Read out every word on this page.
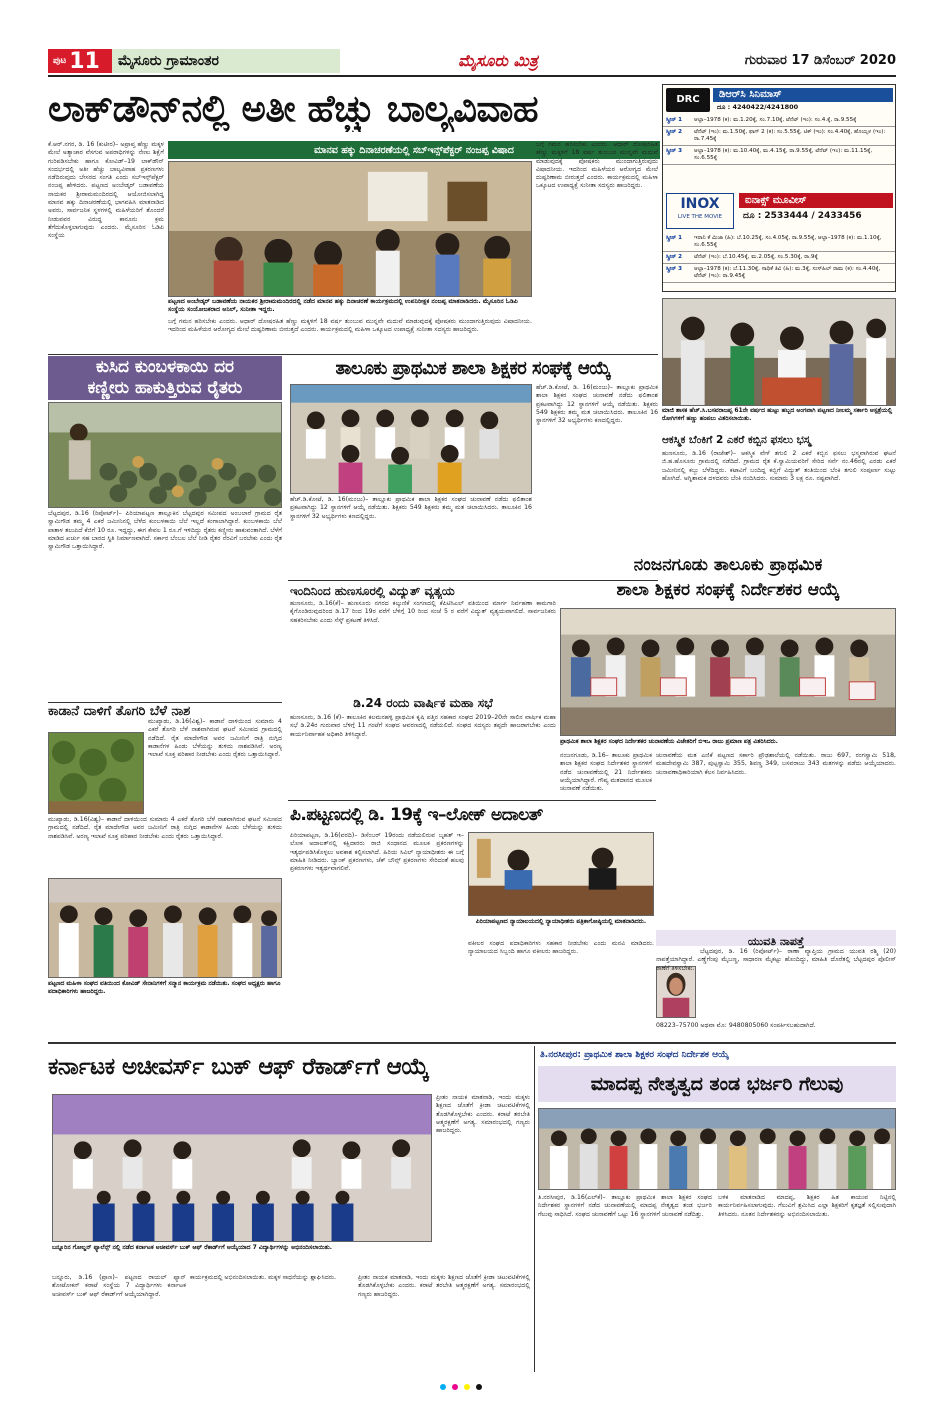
ಪುಟ 11 ಮೈಸೂರು ಗ್ರಾಮಾಂತರ	ಮೈಸೂರು ಮಿತ್ರ	ಗುರುವಾರ 17 ಡಿಸೆಂಬರ್ 2020
ಲಾಕ್‌ಡೌನ್‌ನಲ್ಲಿ ಅತೀ ಹೆಚ್ಚು ಬಾಲ್ಯವಿವಾಹ
ಮಾನವ ಹಕ್ಕು ದಿನಾಚರಣೆಯಲ್ಲಿ ಸಬ್‌ಇನ್ಸ್‌ಪೆಕ್ಟರ್ ನಂಜಪ್ಪ ವಿಷಾದ
ಕೆ.ಆರ್.ನಗರ, ಡಿ. 16 (ಕುಟೀರ)– ಅಪ್ರಾಪ್ತ ಹೆಣ್ಣು ಮಕ್ಕಳ ಮೇಲೆ ಅತ್ಯಾಚಾರ ವೆಸಗುವ ಅಪರಾಧಿಗಳನ್ನು ನೇಣು ಶಿಕ್ಷೆಗೆ ಗುರಿಪಡಿಸಬೇಕು ಹಾಗೂ ಕೋವಿಡ್–19 ಲಾಕ್‌ಡೌನ್ ಸಂದರ್ಭದಲ್ಲಿ ಅತೀ ಹೆಚ್ಚು ಬಾಲ್ಯವಿವಾಹ ಪ್ರಕರಣಗಳು ನಡೆದಿರುವುದು ಬೇಸರದ ಸಂಗತಿ ಎಂದು ಸಬ್‌ಇನ್ಸ್‌ಪೆಕ್ಟರ್ ನಂಜಪ್ಪ ಹೇಳಿದರು. ಪಟ್ಟಣದ ಅಂಬೇಡ್ಕರ್ ಬಡಾವಣೆಯ ನಾಯಕರ ಶ್ರೀರಾಮಮಂದಿರದಲ್ಲಿ ಆಯೋಜಿಸಲಾಗಿದ್ದ ಮಾನವ ಹಕ್ಕು ದಿನಾಚರಣೆಯಲ್ಲಿ ಭಾಗವಹಿಸಿ ಮಾತನಾಡಿದ ಅವರು, ಸಾರ್ವಜನಿಕ ಸ್ಥಳಗಳಲ್ಲಿ ಮಹಿಳೆಯರಿಗೆ ತೊಂದರೆ ನೀಡುವವರ ವಿರುದ್ಧ ಕಾನೂನು ಕ್ರಮ ತೆಗೆದುಕೊಳ್ಳಲಾಗುವುದು ಎಂದರು. ಮೈಸೂರಿನ ಓಡಿಪಿ ಸಂಸ್ಥೆಯ
ಪಟ್ಟಣದ ಅಂಬೇಡ್ಕರ್ ಬಡಾವಣೆಯ ನಾಯಕರ ಶ್ರೀರಾಮಮಂದಿರದಲ್ಲಿ ನಡೆದ ಮಾನವ ಹಕ್ಕು ದಿನಾಚರಣೆ ಕಾರ್ಯಕ್ರಮದಲ್ಲಿ ಉಪನಿರೀಕ್ಷಕ ನಂಜಪ್ಪ ಮಾತನಾಡಿದರು. ಮೈಸೂರಿನ ಓಡಿಪಿ ಸಂಸ್ಥೆಯ ಸಂಯೋಜಕರಾದ ಅನಿಲ್, ಸುನೀತಾ ಇದ್ದರು.
ಬಗ್ಗೆ ಗಮನ ಹರಿಸಬೇಕು ಎಂದರು. ಆಧಾರ್ ದೋಷರಹಿತ ಹೆಣ್ಣು ಮಕ್ಕಳಿಗೆ 18 ವರ್ಷ ತುಂಬುವ ಮುನ್ನವೇ ಮದುವೆ ಮಾಡುವುದಕ್ಕೆ ಪೋಷಕರು ಮುಂದಾಗುತ್ತಿರುವುದು ವಿಷಾದನೀಯ. ಇದರಿಂದ ಮಹಿಳೆಯರ ಆರೋಗ್ಯದ ಮೇಲೆ ದುಷ್ಪರಿಣಾಮ ಬೀರುತ್ತದೆ ಎಂದರು. ಕಾರ್ಯಕ್ರಮದಲ್ಲಿ ಮಹಿಳಾ ಒಕ್ಕೂಟದ ಉಪಾಧ್ಯಕ್ಷೆ ಸುನೀತಾ ಸದಸ್ಯರು ಹಾಜರಿದ್ದರು.
ಬಗ್ಗೆ ಗಮನ ಹರಿಸಬೇಕು ಎಂದರು. ಆಧಾರ್ ದೋಷರಹಿತ ಹೆಣ್ಣು ಮಕ್ಕಳಿಗೆ 18 ವರ್ಷ ತುಂಬುವ ಮುನ್ನವೇ ಮದುವೆ ಮಾಡುವುದಕ್ಕೆ ಪೋಷಕರು ಮುಂದಾಗುತ್ತಿರುವುದು ವಿಷಾದನೀಯ. ಇದರಿಂದ ಮಹಿಳೆಯರ ಆರೋಗ್ಯದ ಮೇಲೆ ದುಷ್ಪರಿಣಾಮ ಬೀರುತ್ತದೆ ಎಂದರು. ಕಾರ್ಯಕ್ರಮದಲ್ಲಿ ಮಹಿಳಾ ಒಕ್ಕೂಟದ ಉಪಾಧ್ಯಕ್ಷೆ ಸುನೀತಾ ಸದಸ್ಯರು ಹಾಜರಿದ್ದರು.
DRC	ಡಿಆರ್‌ಸಿ ಸಿನಿಮಾಸ್
ದೂ : 4240422/4241800
ಸ್ಕ್ರೀನ್ 1	ಆಲ್ಫಾ–1978 (ಕ): ಮ.1.20ಕ್ಕೆ, ಸಂ.7.10ಕ್ಕೆ, ಟೆನೆಟ್ (ಇಂ): ಸಂ.4.ಕ್ಕೆ, ರಾ.9.55ಕ್ಕೆ
ಸ್ಕ್ರೀನ್ 2	ಟೆನೆಟ್ (ಇಂ): ಮ.1.50ಕ್ಕೆ, ಫಾಗ್ 2 (ಕ): ಸಂ.5.55ಕ್ಕೆ, ಟಿಕ್ (ಇಂ): ಸಂ.4.40ಕ್ಕೆ, ಹೊಯ್ಸಳ (ಇಂ): ರಾ.7.45ಕ್ಕೆ
ಸ್ಕ್ರೀನ್ 3	ಆಲ್ಫಾ–1978 (ಕ): ಮ.10.40ಕ್ಕೆ, ಮ.4.15ಕ್ಕೆ, ರಾ.9.55ಕ್ಕೆ, ಟೆನೆಟ್ (ಇಂ): ಮ.11.15ಕ್ಕೆ, ಸಂ.6.55ಕ್ಕೆ
INOX
LIVE THE MOVIE
ಐನಾಕ್ಸ್ ಮೂವೀಸ್
ದೂ : 2533444 / 2433456
ಸ್ಕ್ರೀನ್ 1	ಇರಾನಿ ಕೆ ಮಿಜಾ (ಹಿ): ಬೆ.10.25ಕ್ಕೆ, ಸಂ.4.05ಕ್ಕೆ, ರಾ.9.55ಕ್ಕೆ, ಆಲ್ಫಾ–1978 (ಕ): ಮ.1.10ಕ್ಕೆ, ಸಂ.6.55ಕ್ಕೆ
ಸ್ಕ್ರೀನ್ 2	ಟೆನೆಟ್ (ಇಂ): ಬೆ.10.45ಕ್ಕೆ, ಮ.2.05ಕ್ಕೆ, ಸಂ.5.30ಕ್ಕೆ, ರಾ.9ಕ್ಕೆ
ಸ್ಕ್ರೀನ್ 3	ಆಲ್ಫಾ–1978 (ಕ): ಬೆ.11.30ಕ್ಕೆ, ಸಾಧಿಕೆ ತಿವಿ (ಹಿ): ಮ.3ಕ್ಕೆ, ಸುಸ್‌ಹಿಲ್ ರಾಮ (ಕ): ಸಂ.4.40ಕ್ಕೆ, ಟೆನೆಟ್ (ಇಂ): ರಾ.9.45ಕ್ಕೆ
ಮಾಜಿ ಶಾಸಕ ಹೆಚ್.ಸಿ.ಬಸವರಾಜಪ್ಪ 61ನೇ ವರ್ಷದ ಹುಟ್ಟು ಹಬ್ಬದ ಅಂಗವಾಗಿ ಪಟ್ಟಣದ ನೀಲಮ್ಮ ಸರ್ಕಾರಿ ಆಸ್ಪತ್ರೆಯಲ್ಲಿ ರೋಗಿಗಳಿಗೆ ಹಣ್ಣು ಹಂಪಲು ವಿತರಿಸಲಾಯಿತು.
ಆಕಸ್ಮಿಕ ಬೆಂಕಿಗೆ 2 ಎಕರೆ ಕಬ್ಬಿನ ಫಸಲು ಭಸ್ಮ
ಹುಣಸೂರು, ಡಿ.16 (ರಾಜೇಶ್)– ಆಕಸ್ಮಿಕ ವೇಳೆ ತಗುಲಿ 2 ಎಕರೆ ಕಬ್ಬಿನ ಫಸಲು ಭಸ್ಮವಾಗಿರುವ ಘಟನೆ ಜಿ.ಹ.ಹೊಸೂರು ಗ್ರಾಮದಲ್ಲಿ ನಡೆದಿದೆ. ಗ್ರಾಮದ ರೈತ ಕೆ.ಸ್ವಾಮಿಯವರಿಗೆ ಸೇರಿದ ಸರ್ವೆ ನಂ.46ರಲ್ಲಿ ಎರಡು ಎಕರೆ ಜಮೀನಿನಲ್ಲಿ ಕಬ್ಬು ಬೆಳೆದಿದ್ದರು. ಕಟಾವಿಗೆ ಬಂದಿದ್ದ ಕಬ್ಬಿಗೆ ವಿದ್ಯುತ್ ತಂತಿಯಿಂದ ಬೆಂಕಿ ತಗುಲಿ ಸಂಪೂರ್ಣ ಸುಟ್ಟು ಹೋಗಿದೆ. ಅಗ್ನಿಶಾಮಕ ದಳದವರು ಬೆಂಕಿ ನಂದಿಸಿದರು. ಸುಮಾರು 3 ಲಕ್ಷ ರೂ. ನಷ್ಟವಾಗಿದೆ.
ಕುಸಿದ ಕುಂಬಳಕಾಯಿ ದರ
ಕಣ್ಣೀರು ಹಾಕುತ್ತಿರುವ ರೈತರು
ಬೆಟ್ಟದಪುರ, ಡಿ.16 (ರಿಪೋರ್ಟ್)– ಪಿರಿಯಾಪಟ್ಟಣ ತಾಲ್ಲೂಕಿನ ಬೆಟ್ಟದಪುರ ಸಮೀಪದ ಅಂಬಲಾರೆ ಗ್ರಾಮದ ರೈತ ಸ್ವಾಮಿಗೌಡ ತಮ್ಮ 4 ಎಕರೆ ಜಮೀನಿನಲ್ಲಿ ಬೆಳೆದ ಕುಂಬಳಕಾಯಿ ಬೆಲೆ ಇಲ್ಲದೆ ಕಂಗಾಲಾಗಿದ್ದಾರೆ. ಕುಂಬಳಕಾಯಿ ಬೆಲೆ ಪಾತಾಳ ತಲುಪಿದೆ ಕೆಜಿಗೆ 10 ರೂ. ಇದ್ದದ್ದು, ಈಗ ಕೇವಲ 1 ರೂ.ಗೆ ಇಳಿದಿದ್ದು ರೈತರು ಕಣ್ಣೀರು ಹಾಕುವಂತಾಗಿದೆ. ಬೆಳೆಗೆ ಮಾಡಿದ ಖರ್ಚು ಸಹ ಬಾರದ ಸ್ಥಿತಿ ನಿರ್ಮಾಣವಾಗಿದೆ. ಸರ್ಕಾರ ಬೆಂಬಲ ಬೆಲೆ ನೀಡಿ ರೈತರ ನೆರವಿಗೆ ಬರಬೇಕು ಎಂದು ರೈತ ಸ್ವಾಮಿಗೌಡ ಒತ್ತಾಯಿಸಿದ್ದಾರೆ.
ತಾಲೂಕು ಪ್ರಾಥಮಿಕ ಶಾಲಾ ಶಿಕ್ಷಕರ ಸಂಘಕ್ಕೆ ಆಯ್ಕೆ
ಹೆಚ್.ಡಿ.ಕೋಟೆ, ಡಿ. 16(ಮಂಜು)– ತಾಲ್ಲೂಕು ಪ್ರಾಥಮಿಕ ಶಾಲಾ ಶಿಕ್ಷಕರ ಸಂಘದ ಚುನಾವಣೆ ನಡೆದು ಫಲಿತಾಂಶ ಪ್ರಕಟವಾಗಿದ್ದು 12 ಸ್ಥಾನಗಳಿಗೆ ಆಯ್ಕೆ ನಡೆಯಿತು. ಶಿಕ್ಷಕರು 549 ಶಿಕ್ಷಕರು ತಮ್ಮ ಮತ ಚಲಾಯಿಸಿದರು. ತಾಲೂಕಿನ 16 ಸ್ಥಾನಗಳಿಗೆ 32 ಅಭ್ಯರ್ಥಿಗಳು ಕಣದಲ್ಲಿದ್ದರು.
ಹೆಚ್.ಡಿ.ಕೋಟೆ, ಡಿ. 16(ಮಂಜು)– ತಾಲ್ಲೂಕು ಪ್ರಾಥಮಿಕ ಶಾಲಾ ಶಿಕ್ಷಕರ ಸಂಘದ ಚುನಾವಣೆ ನಡೆದು ಫಲಿತಾಂಶ ಪ್ರಕಟವಾಗಿದ್ದು 12 ಸ್ಥಾನಗಳಿಗೆ ಆಯ್ಕೆ ನಡೆಯಿತು. ಶಿಕ್ಷಕರು 549 ಶಿಕ್ಷಕರು ತಮ್ಮ ಮತ ಚಲಾಯಿಸಿದರು. ತಾಲೂಕಿನ 16 ಸ್ಥಾನಗಳಿಗೆ 32 ಅಭ್ಯರ್ಥಿಗಳು ಕಣದಲ್ಲಿದ್ದರು.
ಇಂದಿನಿಂದ ಹುಣಸೂರಲ್ಲಿ ವಿದ್ಯುತ್ ವ್ಯತ್ಯಯ
ಹುಣಸೂರು, ಡಿ.16(ಕೆ)– ಹುಣಸೂರು ನಗರದ ಕಲ್ಕುಣಿಕೆ ಸಂಗಣದಲ್ಲಿ ಕೆಪಿಟಿಸಿಎಲ್ ವತಿಯಿಂದ ಮಾರ್ಗ ನಿರ್ವಹಣಾ ಕಾಮಗಾರಿ ಕೈಗೊಂಡಿರುವುದರಿಂದ ಡಿ.17 ರಿಂದ 19ರ ವರೆಗೆ ಬೆಳಿಗ್ಗೆ 10 ರಿಂದ ಸಂಜೆ 5 ರ ವರೆಗೆ ವಿದ್ಯುತ್ ವ್ಯತ್ಯಯವಾಗಲಿದೆ. ಸಾರ್ವಜನಿಕರು ಸಹಕರಿಸಬೇಕು ಎಂದು ಸೆಸ್ಕ್ ಪ್ರಕಟಣೆ ತಿಳಿಸಿದೆ.
ಡಿ.24 ರಂದು ವಾರ್ಷಿಕ ಮಹಾ ಸಭೆ
ಹುಣಸೂರು, ಡಿ.16 (ಕೆ)– ತಾಲೂಕಿನ ಕಲಮನಹಳ್ಳಿ ಪ್ರಾಥಮಿಕ ಕೃಷಿ ಪತ್ತಿನ ಸಹಕಾರ ಸಂಘದ 2019–20ನೇ ಸಾಲಿನ ವಾರ್ಷಿಕ ಮಹಾ ಸಭೆ ಡಿ.24ರ ಗುರುವಾರ ಬೆಳಿಗ್ಗೆ 11 ಗಂಟೆಗೆ ಸಂಘದ ಆವರಣದಲ್ಲಿ ನಡೆಯಲಿದೆ. ಸಂಘದ ಸದಸ್ಯರು ತಪ್ಪದೇ ಹಾಜರಾಗಬೇಕು ಎಂದು ಕಾರ್ಯನಿರ್ವಾಹಕ ಅಧಿಕಾರಿ ತಿಳಿಸಿದ್ದಾರೆ.
ನಂಜನಗೂಡು ತಾಲೂಕು ಪ್ರಾಥಮಿಕ
ಶಾಲಾ ಶಿಕ್ಷಕರ ಸಂಘಕ್ಕೆ ನಿರ್ದೇಶಕರ ಆಯ್ಕೆ
ಪ್ರಾಥಮಿಕ ಶಾಲಾ ಶಿಕ್ಷಕರ ಸಂಘದ ನಿರ್ದೇಶಕರ ಚುನಾವಣೆಯ ವಿಜೇತರಿಗೆ ಬಿಇಒ ರಾಜು ಪ್ರಮಾಣ ಪತ್ರ ವಿತರಿಸಿದರು.
ನಂಜನಗೂಡು, ಡಿ.16– ತಾಲೂಕು ಪ್ರಾಥಮಿಕ ಶಾಲಾ ಶಿಕ್ಷಕರ ಸಂಘದ ನಿರ್ದೇಶಕರ ಸ್ಥಾನಗಳಿಗೆ ನಡೆದ ಚುನಾವಣೆಯಲ್ಲಿ 21 ನಿರ್ದೇಶಕರು ಆಯ್ಕೆಯಾಗಿದ್ದಾರೆ. ಗೌಪ್ಯ ಮತದಾನದ ಮೂಲಕ ಚುನಾವಣೆ ನಡೆಯಿತು.
ಚುನಾವಣೆಯ ಮತ ಎಣಿಕೆ ಪಟ್ಟಣದ ಸರ್ಕಾರಿ ಪ್ರೌಢಶಾಲೆಯಲ್ಲಿ ನಡೆಯಿತು. ರಾಜು 697, ರಂಗಸ್ವಾಮಿ 518, ಮಹದೇವಸ್ವಾಮಿ 387, ಪುಟ್ಟಸ್ವಾಮಿ 355, ಶಿವಣ್ಣ 349, ಬಸವರಾಜು 343 ಮತಗಳನ್ನು ಪಡೆದು ಆಯ್ಕೆಯಾದರು. ಚುನಾವಣಾಧಿಕಾರಿಯಾಗಿ ಕೆಲಸ ನಿರ್ವಹಿಸಿದರು.
ಕಾಡಾನೆ ದಾಳಿಗೆ ತೊಗರಿ ಬೆಳೆ ನಾಶ
ಮುಖ್ಯಾಡು, ಡಿ.16(ವಿಶ್ವ)– ಕಾಡಾನೆ ದಾಳಿಯಿಂದ ಸುಮಾರು 4 ಎಕರೆ ತೊಗರಿ ಬೆಳೆ ನಾಶವಾಗಿರುವ ಘಟನೆ ಸಮೀಪದ ಗ್ರಾಮದಲ್ಲಿ ನಡೆದಿದೆ. ರೈತ ಮಾದೇಗೌಡ ಅವರ ಜಮೀನಿಗೆ ರಾತ್ರಿ ನುಗ್ಗಿದ ಕಾಡಾನೆಗಳ ಹಿಂಡು ಬೆಳೆಯನ್ನು ತುಳಿದು ನಾಶಪಡಿಸಿವೆ. ಅರಣ್ಯ ಇಲಾಖೆ ಸೂಕ್ತ ಪರಿಹಾರ ನೀಡಬೇಕು ಎಂದು ರೈತರು ಒತ್ತಾಯಿಸಿದ್ದಾರೆ.
ಮುಖ್ಯಾಡು, ಡಿ.16(ವಿಶ್ವ)– ಕಾಡಾನೆ ದಾಳಿಯಿಂದ ಸುಮಾರು 4 ಎಕರೆ ತೊಗರಿ ಬೆಳೆ ನಾಶವಾಗಿರುವ ಘಟನೆ ಸಮೀಪದ ಗ್ರಾಮದಲ್ಲಿ ನಡೆದಿದೆ. ರೈತ ಮಾದೇಗೌಡ ಅವರ ಜಮೀನಿಗೆ ರಾತ್ರಿ ನುಗ್ಗಿದ ಕಾಡಾನೆಗಳ ಹಿಂಡು ಬೆಳೆಯನ್ನು ತುಳಿದು ನಾಶಪಡಿಸಿವೆ. ಅರಣ್ಯ ಇಲಾಖೆ ಸೂಕ್ತ ಪರಿಹಾರ ನೀಡಬೇಕು ಎಂದು ರೈತರು ಒತ್ತಾಯಿಸಿದ್ದಾರೆ.
ಪಟ್ಟಣದ ಮಹಿಳಾ ಸಂಘದ ವತಿಯಿಂದ ಕೋವಿಡ್ ಸೇನಾನಿಗಳಿಗೆ ಸನ್ಮಾನ ಕಾರ್ಯಕ್ರಮ ನಡೆಯಿತು. ಸಂಘದ ಅಧ್ಯಕ್ಷರು ಹಾಗೂ ಪದಾಧಿಕಾರಿಗಳು ಹಾಜರಿದ್ದರು.
ಪಿ.ಪಟ್ಟಣದಲ್ಲಿ ಡಿ. 19ಕ್ಕೆ ಇ–ಲೋಕ್ ಅದಾಲತ್
ಪಿರಿಯಾಪಟ್ಟಣ, ಡಿ.16(ವರದಿ)– ಡಿಸೆಂಬರ್ 19ರಂದು ನಡೆಯಲಿರುವ ಬೃಹತ್ ಇ–ಲೋಕ ಅದಾಲತ್‌ನಲ್ಲಿ ಕಕ್ಷಿದಾರರು ರಾಜಿ ಸಂಧಾನದ ಮೂಲಕ ಪ್ರಕರಣಗಳನ್ನು ಇತ್ಯರ್ಥಪಡಿಸಿಕೊಳ್ಳಲು ಅವಕಾಶ ಕಲ್ಪಿಸಲಾಗಿದೆ. ಹಿರಿಯ ಸಿವಿಲ್ ನ್ಯಾಯಾಧೀಶರು ಈ ಬಗ್ಗೆ ಮಾಹಿತಿ ನೀಡಿದರು. ಬ್ಯಾಂಕ್ ಪ್ರಕರಣಗಳು, ಚೆಕ್ ಬೌನ್ಸ್ ಪ್ರಕರಣಗಳು ಸೇರಿದಂತೆ ಹಲವು ಪ್ರಕರಣಗಳು ಇತ್ಯರ್ಥವಾಗಲಿವೆ.
ಪಿರಿಯಾಪಟ್ಟಣದ ನ್ಯಾಯಾಲಯದಲ್ಲಿ ನ್ಯಾಯಾಧೀಶರು ಪತ್ರಿಕಾಗೋಷ್ಠಿಯಲ್ಲಿ ಮಾತನಾಡಿದರು.
ವಕೀಲರ ಸಂಘದ ಪದಾಧಿಕಾರಿಗಳು ಸಹಕಾರ ನೀಡಬೇಕು ಎಂದು ಮನವಿ ಮಾಡಿದರು. ನ್ಯಾಯಾಲಯದ ಸಿಬ್ಬಂದಿ ಹಾಗೂ ವಕೀಲರು ಹಾಜರಿದ್ದರು.
ಯುವತಿ ನಾಪತ್ತೆ
ಬೆಟ್ಟದಪುರ, ಡಿ. 16 (ರಿಪೋರ್ಟ್)– ಠಾಣಾ ವ್ಯಾಪ್ತಿಯ ಗ್ರಾಮದ ಯುವತಿ ರಶ್ಮಿ (20) ನಾಪತ್ತೆಯಾಗಿದ್ದಾರೆ. ಎಣ್ಣೆಗೆಂಪು ಮೈಬಣ್ಣ, ಸಾಧಾರಣ ಮೈಕಟ್ಟು ಹೊಂದಿದ್ದು, ಮಾಹಿತಿ ದೊರೆತಲ್ಲಿ ಬೆಟ್ಟದಪುರ ಪೊಲೀಸ್ ಠಾಣೆಗೆ ತಿಳಿಸಬೇಕು.
08223–75700 ಅಥವಾ ಮೊ: 9480805060 ಸಂಪರ್ಕಿಸಬಹುದಾಗಿದೆ.
ಕರ್ನಾಟಕ ಅಚೀವರ್ಸ್ ಬುಕ್ ಆಫ್ ರೆಕಾರ್ಡ್‌ಗೆ ಆಯ್ಕೆ
ಬನ್ನೂರಿನ ಗೋಲ್ಡನ್ ಫ್ಯಾಲೆನ್ಸ್ ನಲ್ಲಿ ನಡೆದ ಕರ್ನಾಟಕ ಅಚೀವರ್ಸ್ ಬುಕ್ ಆಫ್ ರೆಕಾರ್ಡ್‌ಗೆ ಆಯ್ಕೆಯಾದ 7 ವಿದ್ಯಾರ್ಥಿಗಳನ್ನು ಅಭಿನಂದಿಸಲಾಯಿತು.
ಪ್ರೀತಂ ನಾಯಕ ಮಾತನಾಡಿ, ಇಂದು ಮಕ್ಕಳು ಶಿಕ್ಷಣದ ಜೊತೆಗೆ ಕ್ರೀಡಾ ಚಟುವಟಿಕೆಗಳಲ್ಲಿ ತೊಡಗಿಕೊಳ್ಳಬೇಕು ಎಂದರು. ಕರಾಟೆ ತರಬೇತಿ ಆತ್ಮರಕ್ಷಣೆಗೆ ಅಗತ್ಯ. ಸಮಾರಂಭದಲ್ಲಿ ಗಣ್ಯರು ಹಾಜರಿದ್ದರು.
ಬನ್ನೂರು, ಡಿ.16 (ಪ್ರಾಣ)– ಪಟ್ಟಣದ ರಾಯಲ್ ಫ್ಯಾನ್ ಶೋಟೋಕನ್ ಕರಾಟೆ ಸಂಸ್ಥೆಯ 7 ವಿದ್ಯಾರ್ಥಿಗಳು ಕರ್ನಾಟಕ ಅಚೀವರ್ಸ್ ಬುಕ್ ಆಫ್ ರೆಕಾರ್ಡ್‌ಗೆ ಆಯ್ಕೆಯಾಗಿದ್ದಾರೆ.
ಕಾರ್ಯಕ್ರಮದಲ್ಲಿ ಅಭಿನಂದಿಸಲಾಯಿತು. ಮಕ್ಕಳ ಸಾಧನೆಯನ್ನು ಶ್ಲಾಘಿಸಿದರು.	ಪ್ರೀತಂ ನಾಯಕ ಮಾತನಾಡಿ, ಇಂದು ಮಕ್ಕಳು ಶಿಕ್ಷಣದ ಜೊತೆಗೆ ಕ್ರೀಡಾ ಚಟುವಟಿಕೆಗಳಲ್ಲಿ ತೊಡಗಿಕೊಳ್ಳಬೇಕು ಎಂದರು. ಕರಾಟೆ ತರಬೇತಿ ಆತ್ಮರಕ್ಷಣೆಗೆ ಅಗತ್ಯ. ಸಮಾರಂಭದಲ್ಲಿ ಗಣ್ಯರು ಹಾಜರಿದ್ದರು.
ತಿ.ನರಸೀಪುರ: ಪ್ರಾಥಮಿಕ ಶಾಲಾ ಶಿಕ್ಷಕರ ಸಂಘದ ನಿರ್ದೇಶಕ ಆಯ್ಕೆ
ಮಾದಪ್ಪ ನೇತೃತ್ವದ ತಂಡ ಭರ್ಜರಿ ಗೆಲುವು
ತಿ.ನರಸೀಪುರ, ಡಿ.16(ಎಲ್‌ಕೆ)– ತಾಲ್ಲೂಕು ಪ್ರಾಥಮಿಕ ಶಾಲಾ ಶಿಕ್ಷಕರ ಸಂಘದ ನಿರ್ದೇಶಕರ ಸ್ಥಾನಗಳಿಗೆ ನಡೆದ ಚುನಾವಣೆಯಲ್ಲಿ ಮಾದಪ್ಪ ನೇತೃತ್ವದ ತಂಡ ಭರ್ಜರಿ ಗೆಲುವು ಸಾಧಿಸಿದೆ. ಸಂಘದ ಚುನಾವಣೆಗೆ ಒಟ್ಟು 16 ಸ್ಥಾನಗಳಿಗೆ ಚುನಾವಣೆ ನಡೆದಿತ್ತು.
ಬಳಿಕ ಮಾತನಾಡಿದ ಮಾದಪ್ಪ, ಶಿಕ್ಷಕರ ಹಿತ ಕಾಯುವ ನಿಟ್ಟಿನಲ್ಲಿ ಕಾರ್ಯನಿರ್ವಹಿಸಲಾಗುವುದು. ಗೆಲುವಿಗೆ ಶ್ರಮಿಸಿದ ಎಲ್ಲಾ ಶಿಕ್ಷಕರಿಗೆ ಕೃತಜ್ಞತೆ ಸಲ್ಲಿಸುವುದಾಗಿ ತಿಳಿಸಿದರು. ನೂತನ ನಿರ್ದೇಶಕರನ್ನು ಅಭಿನಂದಿಸಲಾಯಿತು.
